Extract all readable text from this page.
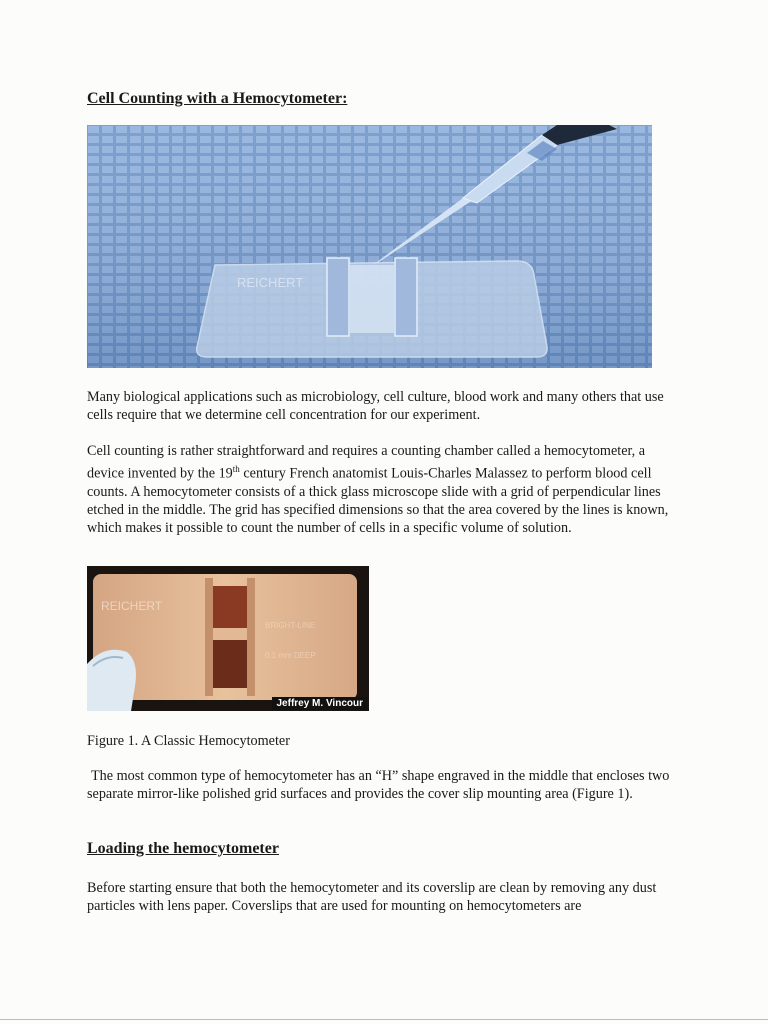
Cell Counting with a Hemocytometer:
REICHERT

Many biological applications such as microbiology, cell culture, blood work and many others that use cells require that we determine cell concentration for our experiment.

Cell counting is rather straightforward and requires a counting chamber called a hemocytometer, a device invented by the 19th century French anatomist Louis-Charles Malassez to perform blood cell counts. A hemocytometer consists of a thick glass microscope slide with a grid of perpendicular lines etched in the middle. The grid has specified dimensions so that the area covered by the lines is known, which makes it possible to count the number of cells in a specific volume of solution.

REICHERT
BRIGHT-LINE
0.1 mm DEEP
Jeffrey M. Vincour

Figure 1. A Classic Hemocytometer

The most common type of hemocytometer has an “H” shape engraved in the middle that encloses two separate mirror-like polished grid surfaces and provides the cover slip mounting area (Figure 1).

Loading the hemocytometer

Before starting ensure that both the hemocytometer and its coverslip are clean by removing any dust particles with lens paper. Coverslips that are used for mounting on hemocytometers are
